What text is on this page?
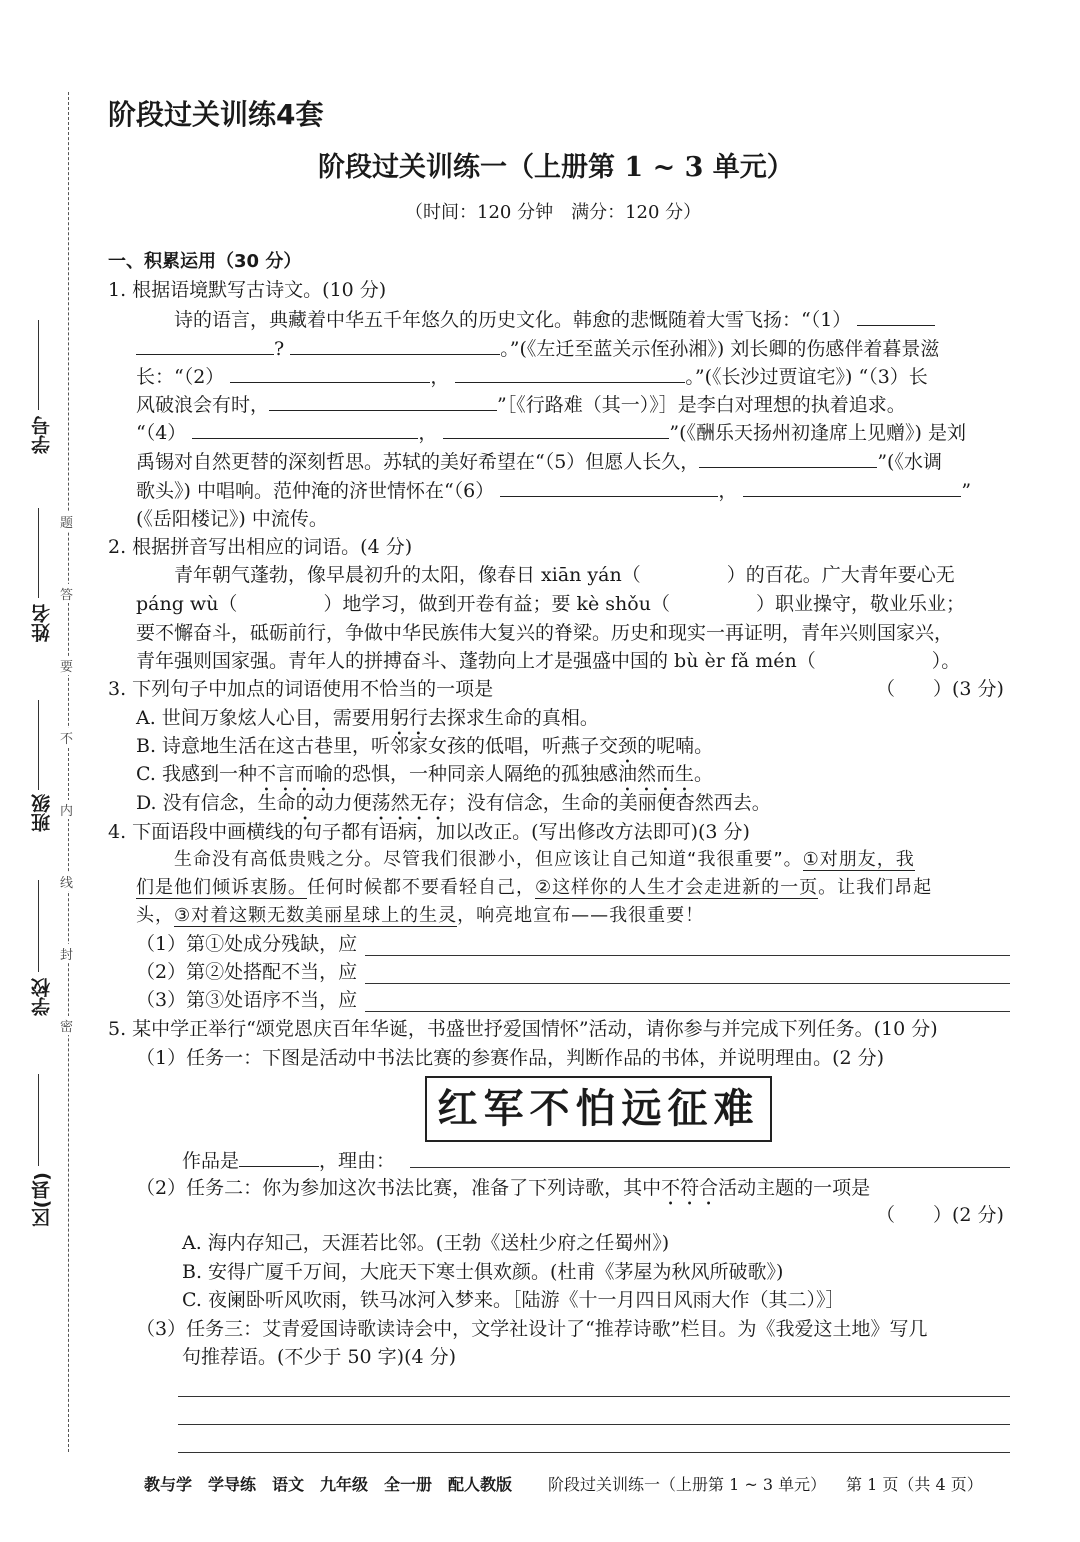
学号
姓名
班级
学校
区(县)
题
答
要
不
内
线
封
密
阶段过关训练4套
阶段过关训练一（上册第 1 ~ 3 单元）
（时间：120 分钟　满分：120 分）
一、积累运用（30 分）
1. 根据语境默写古诗文。(10 分)
诗的语言，典藏着中华五千年悠久的历史文化。韩愈的悲慨随着大雪飞扬：“（1）
?	。”(《左迁至蓝关示侄孙湘》) 刘长卿的伤感伴着暮景滋
长：“（2）	，	。”(《长沙过贾谊宅》) “（3）长
风破浪会有时，	”［《行路难（其一）》］是李白对理想的执着追求。
“（4）	，	”(《酬乐天扬州初逢席上见赠》) 是刘
禹锡对自然更替的深刻哲思。苏轼的美好希望在“（5）但愿人长久，	”(《水调
歌头》) 中唱响。范仲淹的济世情怀在“（6）	，	”
(《岳阳楼记》) 中流传。
2. 根据拼音写出相应的词语。(4 分)
青年朝气蓬勃，像早晨初升的太阳，像春日 xiān yán（	）的百花。广大青年要心无
páng wù（	）地学习，做到开卷有益；要 kè shǒu（	）职业操守，敬业乐业；
要不懈奋斗，砥砺前行，争做中华民族伟大复兴的脊梁。历史和现实一再证明，青年兴则国家兴，
青年强则国家强。青年人的拼搏奋斗、蓬勃向上才是强盛中国的 bù èr fǎ mén（	）。
3. 下列句子中加点的词语使用不恰当的一项是	（　　）(3 分)
A. 世间万象炫人心目，需要用躬行去探求生命的真相。
B. 诗意地生活在这古巷里，听邻家女孩的低唱，听燕子交颈的呢喃。
C. 我感到一种不言而喻的恐惧，一种同亲人隔绝的孤独感油然而生。
D. 没有信念，生命的动力便荡然无存；没有信念，生命的美丽便杳然西去。
4. 下面语段中画横线的句子都有语病，加以改正。(写出修改方法即可)(3 分)
生命没有高低贵贱之分。尽管我们很渺小，但应该让自己知道“我很重要”。①对朋友，我
们是他们倾诉衷肠。任何时候都不要看轻自己，②这样你的人生才会走进新的一页。让我们昂起
头，③对着这颗无数美丽星球上的生灵，响亮地宣布——我很重要！
（1）第①处成分残缺，应
（2）第②处搭配不当，应
（3）第③处语序不当，应
5. 某中学正举行“颂党恩庆百年华诞，书盛世抒爱国情怀”活动，请你参与并完成下列任务。(10 分)
（1）任务一：下图是活动中书法比赛的参赛作品，判断作品的书体，并说明理由。(2 分)
红军不怕远征难
作品是	，理由：
（2）任务二：你为参加这次书法比赛，准备了下列诗歌，其中不符合活动主题的一项是
（　　）(2 分)
A. 海内存知己，天涯若比邻。(王勃《送杜少府之任蜀州》)
B. 安得广厦千万间，大庇天下寒士俱欢颜。(杜甫《茅屋为秋风所破歌》)
C. 夜阑卧听风吹雨，铁马冰河入梦来。［陆游《十一月四日风雨大作（其二）》］
（3）任务三：艾青爱国诗歌读诗会中，文学社设计了“推荐诗歌”栏目。为《我爱这土地》写几
句推荐语。(不少于 50 字)(4 分)
教与学　学导练　语文　九年级　全一册　配人教版 阶段过关训练一（上册第 1 ~ 3 单元） 第 1 页（共 4 页）
